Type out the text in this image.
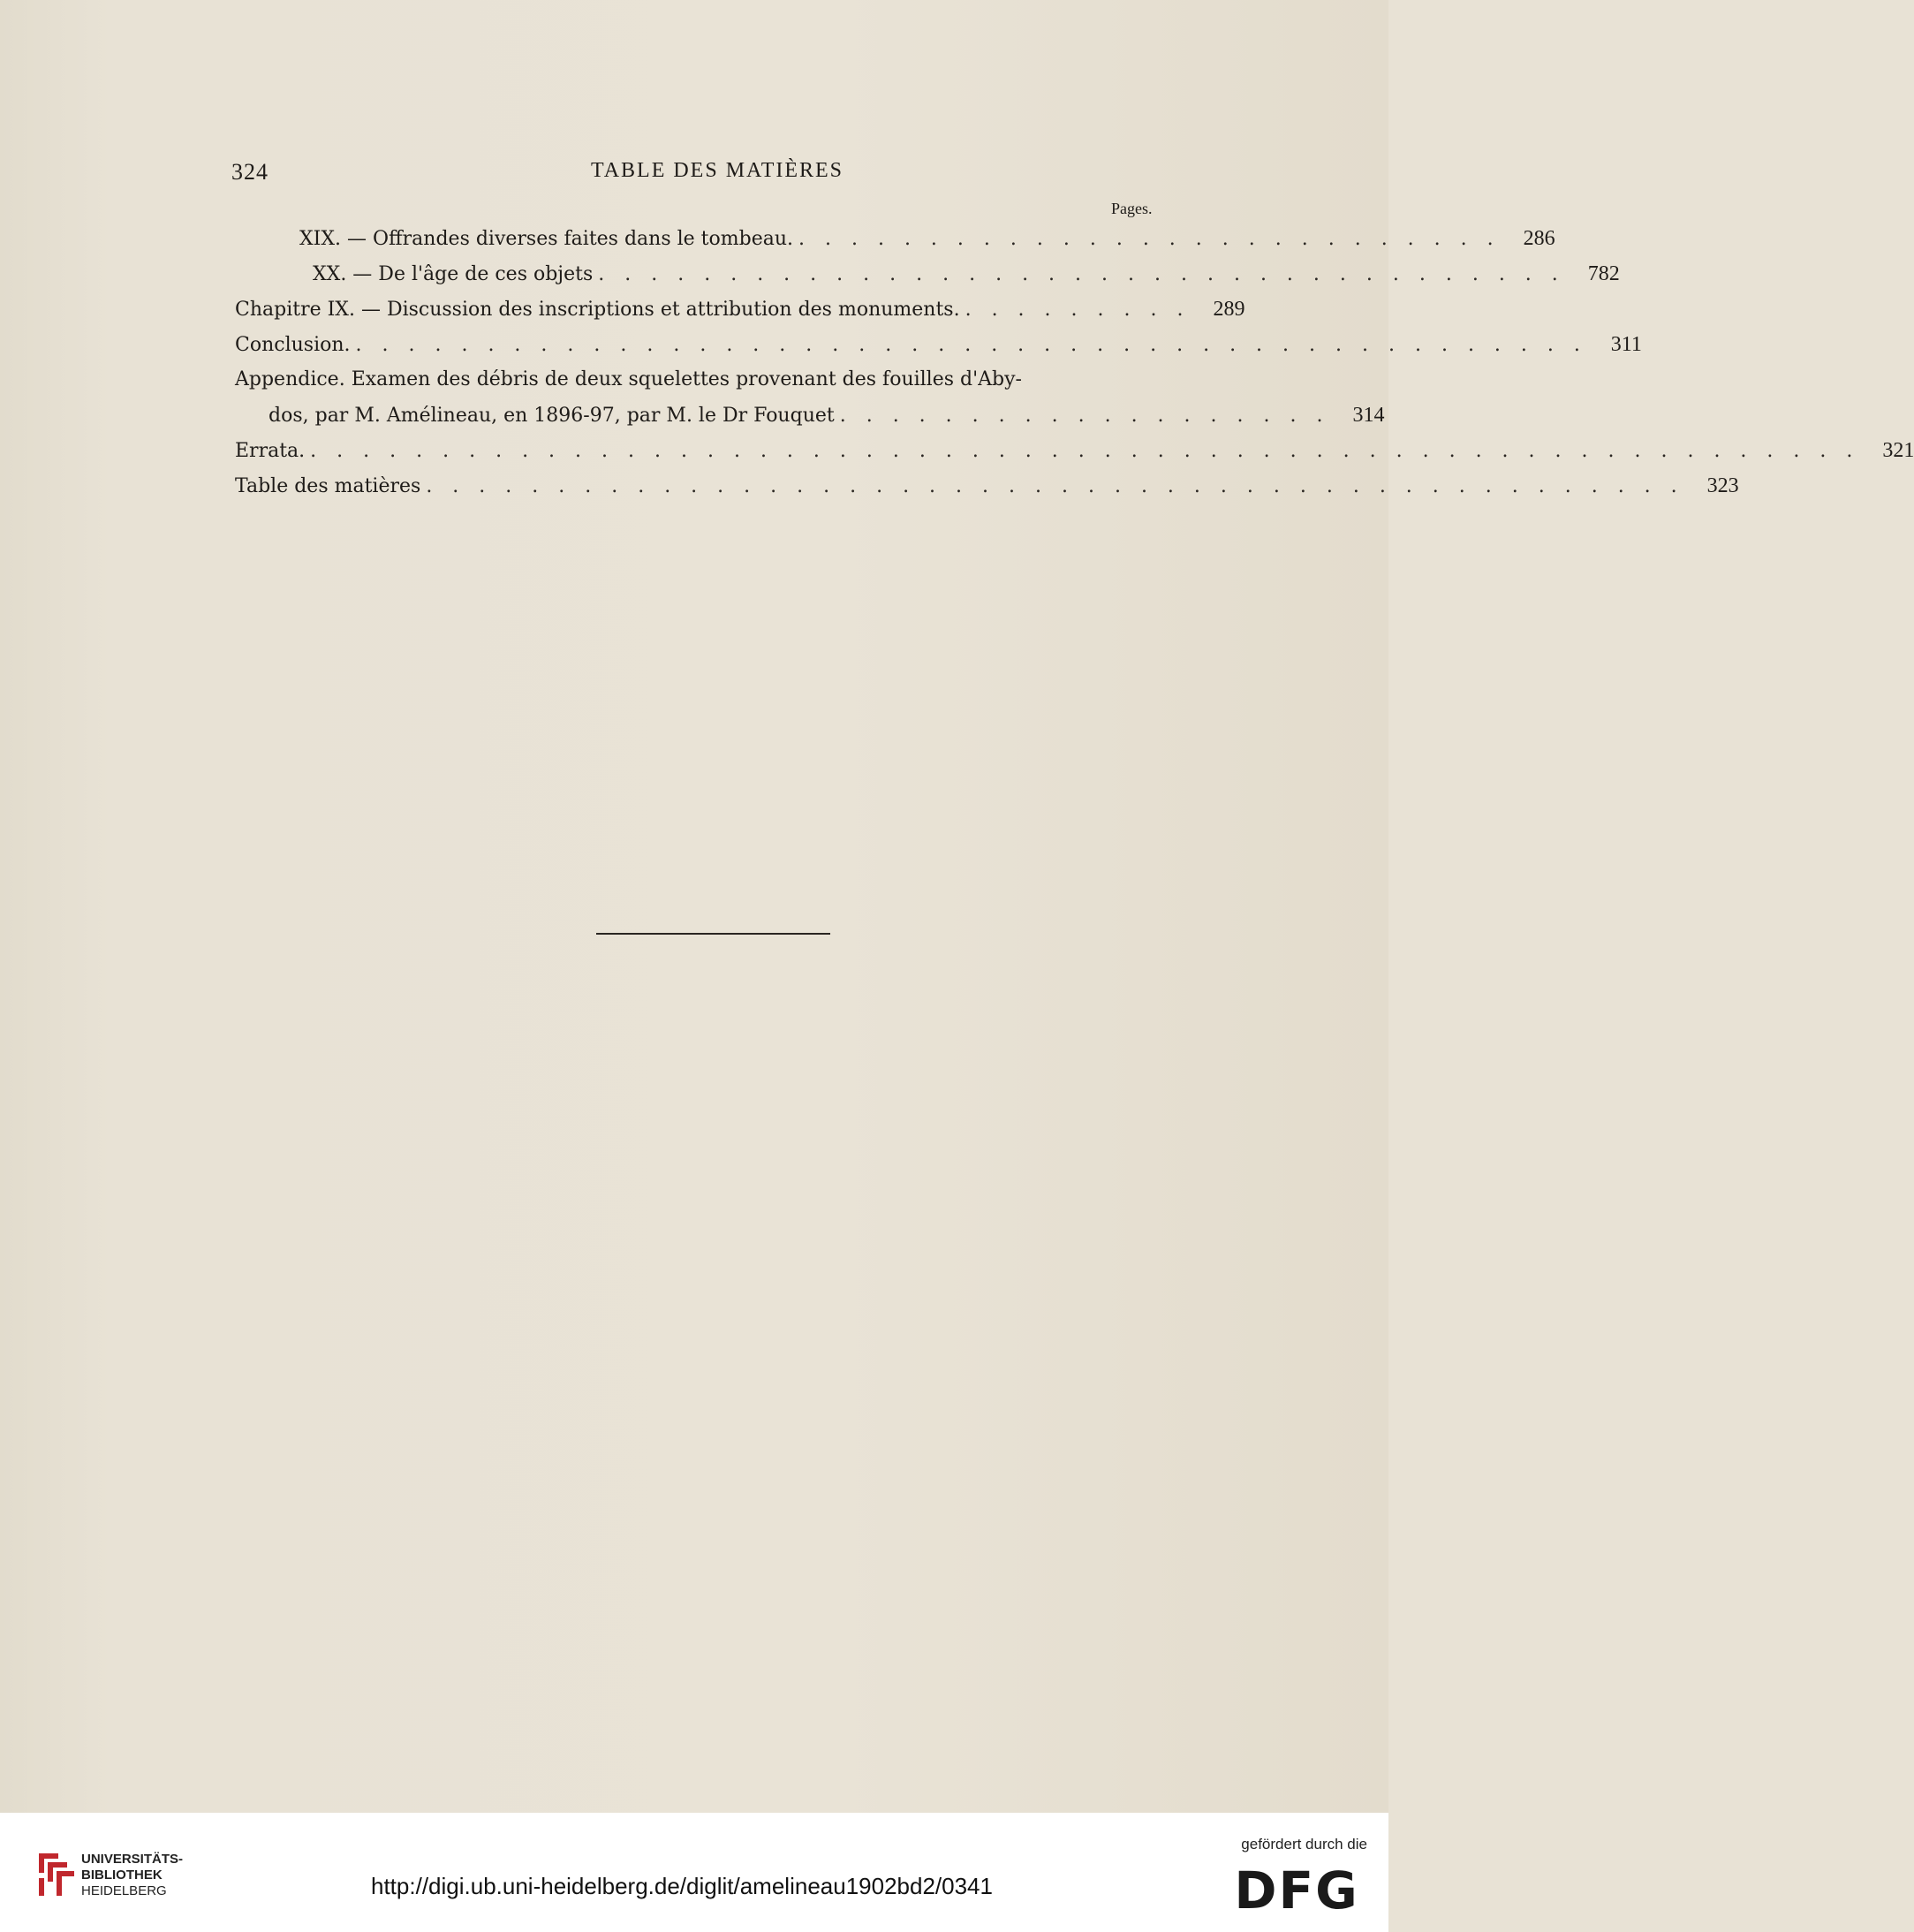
324	TABLE DES MATIÈRES
Pages.
XIX. — Offrandes diverses faites dans le tombeau. . . . . . . . . . . . . . . . . . . . . . . . . . . .	286
XX. — De l'âge de ces objets . . . . . . . . . . . . . . . . . . . . . . . . . . . . . . . . . . . . .	782
Chapitre IX. — Discussion des inscriptions et attribution des monuments. . . . . . . . . .	289
Conclusion. . . . . . . . . . . . . . . . . . . . . . . . . . . . . . . . . . . . . . . . . . . . . . . .	311
Appendice. Examen des débris de deux squelettes provenant des fouilles d'Aby-
dos, par M. Amélineau, en 1896-97, par M. le Dr Fouquet . . . . . . . . . . . . . . . . . . .	314
Errata. . . . . . . . . . . . . . . . . . . . . . . . . . . . . . . . . . . . . . . . . . . . . . . . . . . . . . . . . . . .	321
Table des matières . . . . . . . . . . . . . . . . . . . . . . . . . . . . . . . . . . . . . . . . . . . . . . . .	323
UNIVERSITÄTS-
BIBLIOTHEK
HEIDELBERG	http://digi.ub.uni-heidelberg.de/diglit/amelineau1902bd2/0341
gefördert durch die
DFG
